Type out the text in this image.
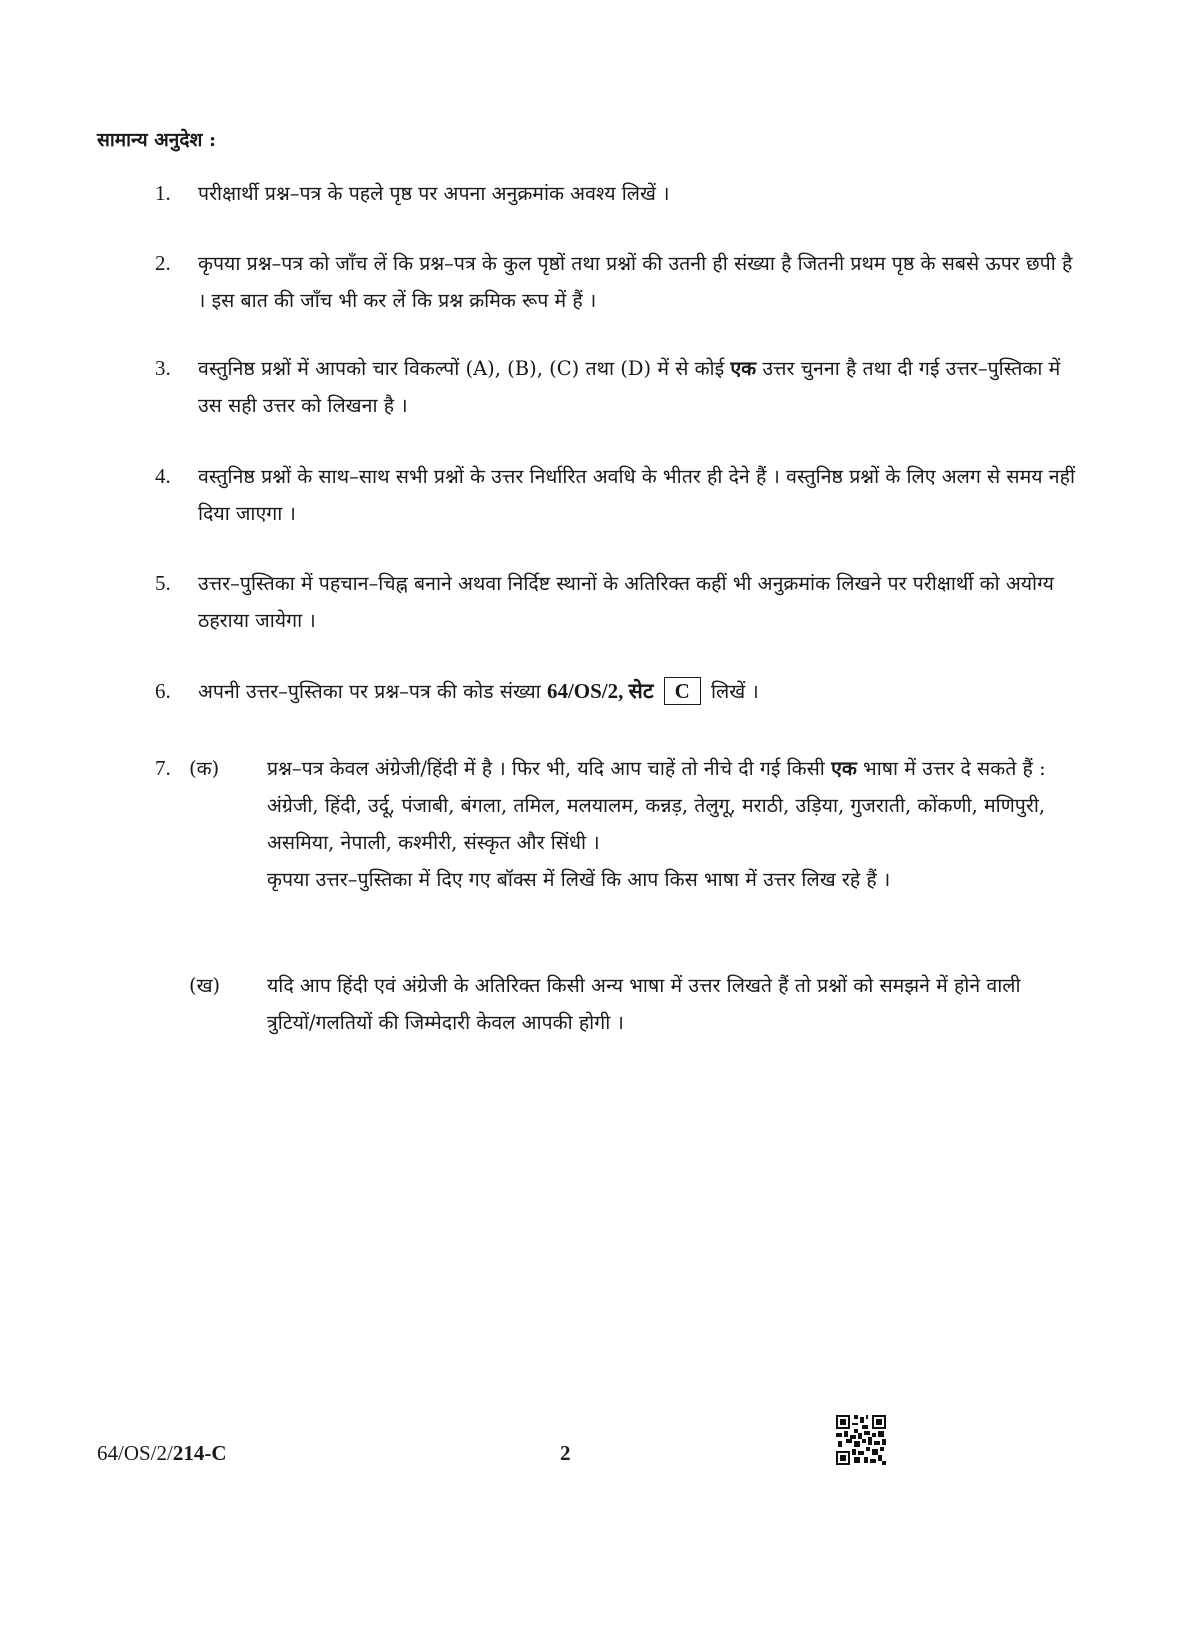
सामान्य अनुदेश :
1.	परीक्षार्थी प्रश्न–पत्र के पहले पृष्ठ पर अपना अनुक्रमांक अवश्य लिखें ।
2.	कृपया प्रश्न–पत्र को जाँच लें कि प्रश्न–पत्र के कुल पृष्ठों तथा प्रश्नों की उतनी ही संख्या है जितनी प्रथम पृष्ठ के सबसे ऊपर छपी है । इस बात की जाँच भी कर लें कि प्रश्न क्रमिक रूप में हैं ।
3.	वस्तुनिष्ठ प्रश्नों में आपको चार विकल्पों (A), (B), (C) तथा (D) में से कोई एक उत्तर चुनना है तथा दी गई उत्तर–पुस्तिका में उस सही उत्तर को लिखना है ।
4.	वस्तुनिष्ठ प्रश्नों के साथ–साथ सभी प्रश्नों के उत्तर निर्धारित अवधि के भीतर ही देने हैं । वस्तुनिष्ठ प्रश्नों के लिए अलग से समय नहीं दिया जाएगा ।
5.	उत्तर–पुस्तिका में पहचान–चिह्न बनाने अथवा निर्दिष्ट स्थानों के अतिरिक्त कहीं भी अनुक्रमांक लिखने पर परीक्षार्थी को अयोग्य ठहराया जायेगा ।
6.	अपनी उत्तर–पुस्तिका पर प्रश्न–पत्र की कोड संख्या 64/OS/2, सेट C लिखें ।
7. (क) प्रश्न–पत्र केवल अंग्रेजी/हिंदी में है । फिर भी, यदि आप चाहें तो नीचे दी गई किसी एक भाषा में उत्तर दे सकते हैं :

अंग्रेजी, हिंदी, उर्दू, पंजाबी, बंगला, तमिल, मलयालम, कन्नड़, तेलुगू, मराठी, उड़िया, गुजराती, कोंकणी, मणिपुरी, असमिया, नेपाली, कश्मीरी, संस्कृत और सिंधी ।

कृपया उत्तर–पुस्तिका में दिए गए बॉक्स में लिखें कि आप किस भाषा में उत्तर लिख रहे हैं ।

(ख) यदि आप हिंदी एवं अंग्रेजी के अतिरिक्त किसी अन्य भाषा में उत्तर लिखते हैं तो प्रश्नों को समझने में होने वाली त्रुटियों/गलतियों की जिम्मेदारी केवल आपकी होगी ।

64/OS/2/214-C	2
